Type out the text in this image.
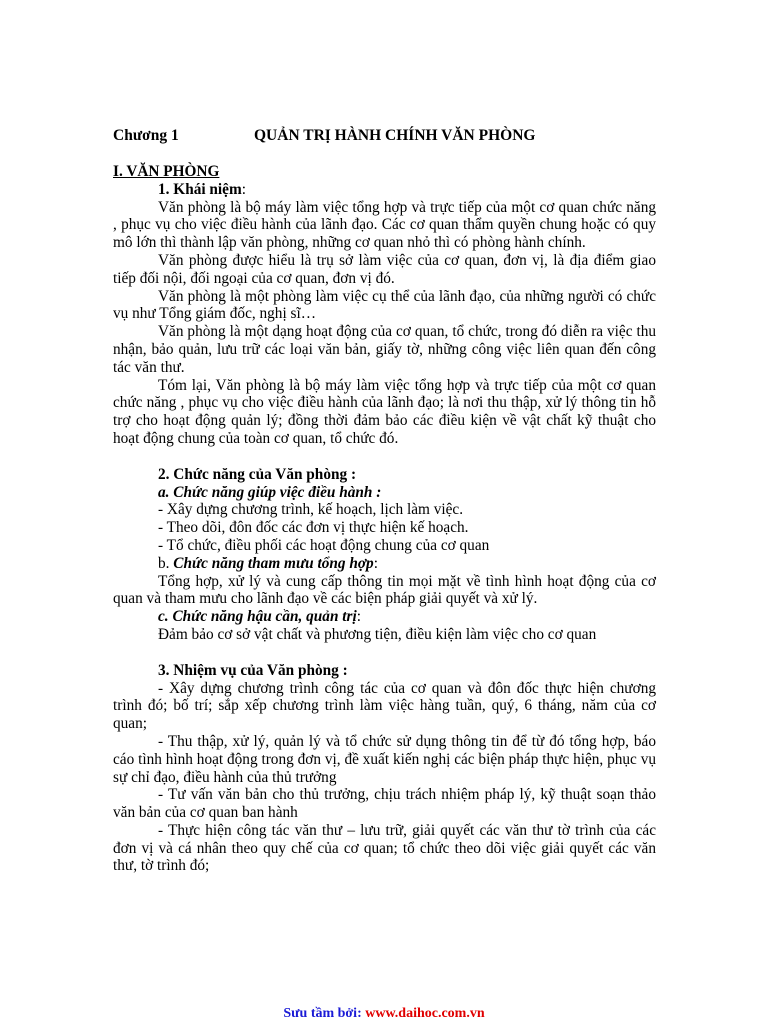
Chương 1	QUẢN TRỊ HÀNH CHÍNH VĂN PHÒNG

I. VĂN PHÒNG

1. Khái niệm:

Văn phòng là bộ máy làm việc tổng hợp và trực tiếp của một cơ quan chức năng , phục vụ cho việc điều hành của lãnh đạo. Các cơ quan thẩm quyền chung hoặc có quy mô lớn thì thành lập văn phòng, những cơ quan nhỏ thì có phòng hành chính.

Văn phòng được hiểu là trụ sở làm việc của cơ quan, đơn vị, là địa điểm giao tiếp đối nội, đối ngoại của cơ quan, đơn vị đó.

Văn phòng là một phòng làm việc cụ thể của lãnh đạo, của những người có chức vụ như Tổng giám đốc, nghị sĩ…

Văn phòng là một dạng hoạt động của cơ quan, tổ chức, trong đó diễn ra việc thu nhận, bảo quản, lưu trữ các loại văn bản, giấy tờ, những công việc liên quan đến công tác văn thư.

Tóm lại, Văn phòng là bộ máy làm việc tổng hợp và trực tiếp của một cơ quan chức năng , phục vụ cho việc điều hành của lãnh đạo; là nơi thu thập, xử lý thông tin hỗ trợ cho hoạt động quản lý; đồng thời đảm bảo các điều kiện về vật chất kỹ thuật cho hoạt động chung của toàn cơ quan, tổ chức đó.

2. Chức năng của Văn phòng :

a. Chức năng giúp việc điều hành :

- Xây dựng chương trình, kế hoạch, lịch làm việc.

- Theo dõi, đôn đốc các đơn vị thực hiện kế hoạch.

- Tổ chức, điều phối các hoạt động chung của cơ quan

b. Chức năng tham mưu tổng hợp:

Tổng hợp, xử lý và cung cấp thông tin mọi mặt về tình hình hoạt động của cơ quan và tham mưu cho lãnh đạo về các biện pháp giải quyết và xử lý.

c. Chức năng hậu cần, quản trị:

Đảm bảo cơ sở vật chất và phương tiện, điều kiện làm việc cho cơ quan

3. Nhiệm vụ của Văn phòng :

- Xây dựng chương trình công tác của cơ quan và đôn đốc thực hiện chương trình đó; bố trí; sắp xếp chương trình làm việc hàng tuần, quý, 6 tháng, năm của cơ quan;

- Thu thập, xử lý, quản lý và tổ chức sử dụng thông tin để từ đó tổng hợp, báo cáo tình hình hoạt động trong đơn vị, đề xuất kiến nghị các biện pháp thực hiện, phục vụ sự chỉ đạo, điều hành của thủ trưởng

- Tư vấn văn bản cho thủ trưởng, chịu trách nhiệm pháp lý, kỹ thuật soạn thảo văn bản của cơ quan ban hành

- Thực hiện công tác văn thư – lưu trữ, giải quyết các văn thư tờ trình của các đơn vị và cá nhân theo quy chế của cơ quan; tổ chức theo dõi việc giải quyết các văn thư, tờ trình đó;

Sưu tầm bởi: www.daihoc.com.vn
